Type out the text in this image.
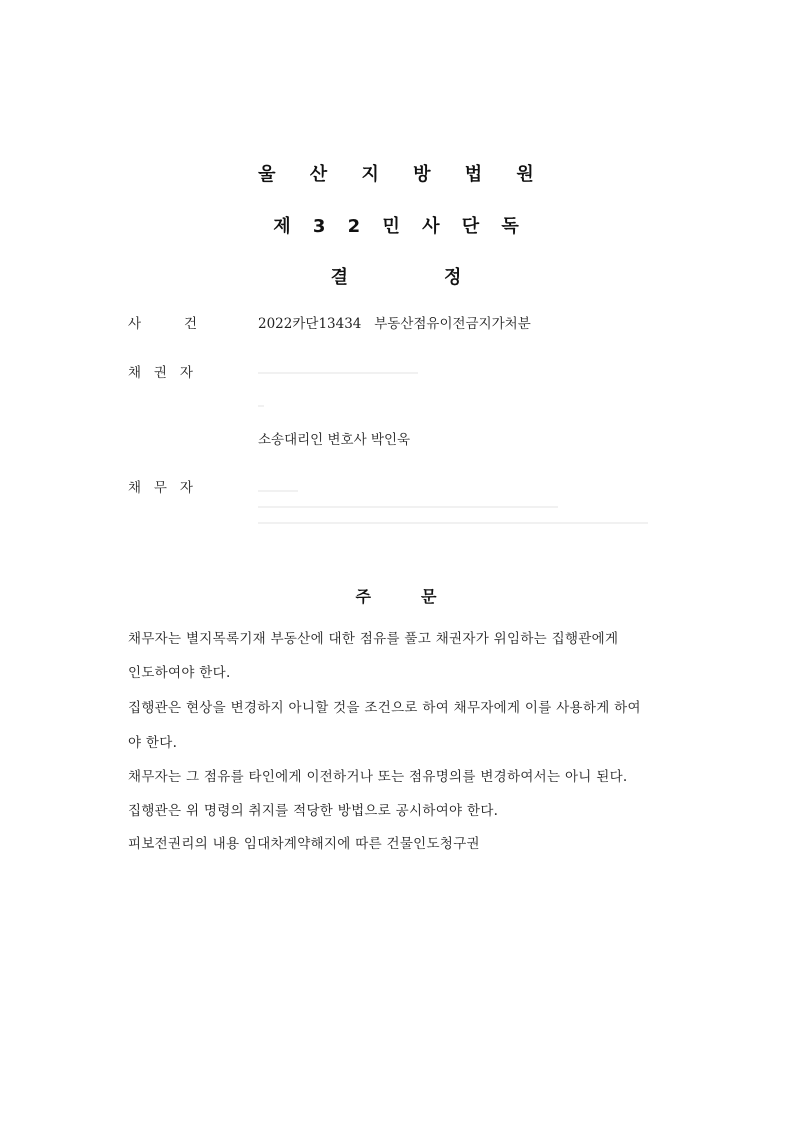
울 산 지 방 법 원
제 3 2 민 사 단 독
결	정
사          건	2022카단13434 부동산점유이전금지가처분
채   권   자
소송대리인 변호사 박인욱
채   무   자
주	문
채무자는 별지목록기재 부동산에 대한 점유를 풀고 채권자가 위임하는 집행관에게
인도하여야 한다.
집행관은 현상을 변경하지 아니할 것을 조건으로 하여 채무자에게 이를 사용하게 하여
야 한다.
채무자는 그 점유를 타인에게 이전하거나 또는 점유명의를 변경하여서는 아니 된다.
집행관은 위 명령의 취지를 적당한 방법으로 공시하여야 한다.
피보전권리의 내용 임대차계약해지에 따른 건물인도청구권
